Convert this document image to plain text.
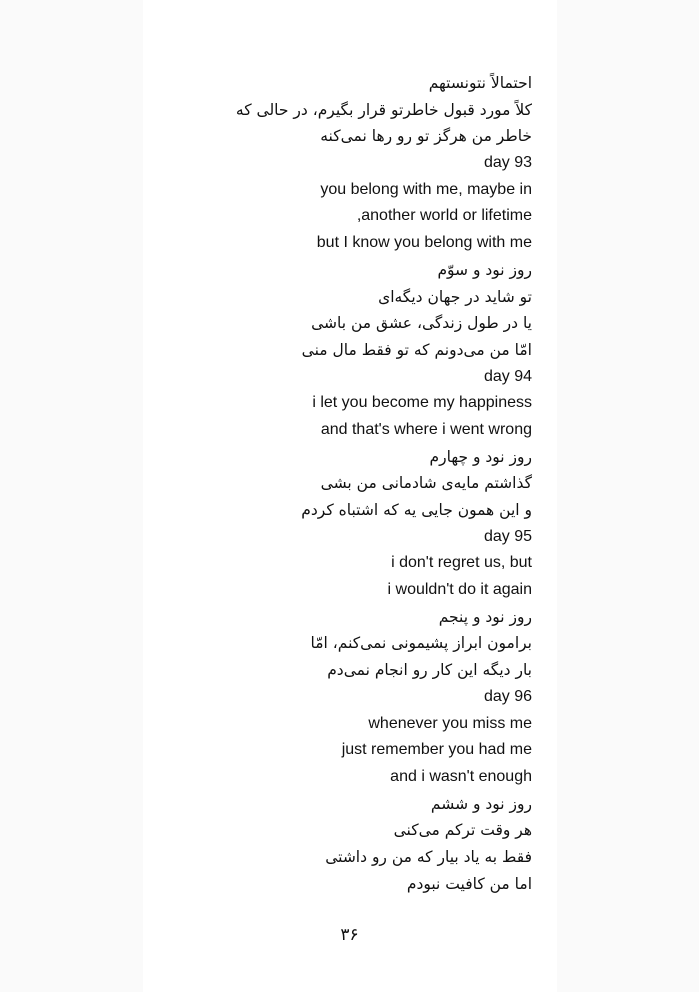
احتمالاً نتونستهم
کلاً مورد قبول خاطرتو قرار بگیرم، در حالی که
خاطر من هرگز تو رو رها نمی‌کنه
day 93
you belong with me, maybe in
,another world or lifetime
but I know you belong with me
روز نود و سوّم
تو شاید در جهان دیگه‌ای
یا در طول زندگی، عشق من باشی
امّا من می‌دونم که تو فقط مال منی
day 94
i let you become my happiness
and that's where i went wrong
روز نود و چهارم
گذاشتم مایه‌ی شادمانی من بشی
و این همون جایی یه که اشتباه کردم
day 95
i don't regret us, but
i wouldn't do it again
روز نود و پنجم
برامون ابراز پشیمونی نمی‌کنم، امّا
بار دیگه این کار رو انجام نمی‌دم
day 96
whenever you miss me
just remember you had me
and i wasn't enough
روز نود و ششم
هر وقت ترکم می‌کنی
فقط به یاد بیار که من رو داشتی
اما من کافیت نبودم
۳۶
